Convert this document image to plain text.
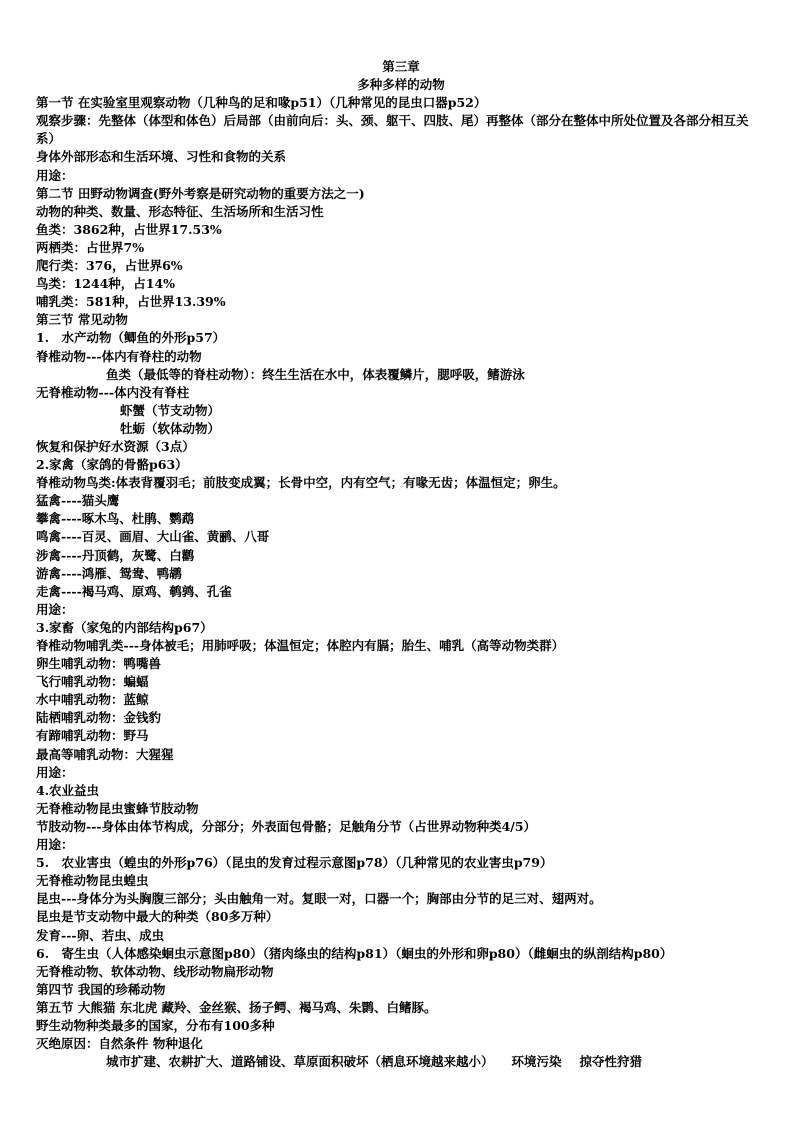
第三章
多种多样的动物
第一节 在实验室里观察动物（几种鸟的足和喙p51）（几种常见的昆虫口器p52）
观察步骤：先整体（体型和体色）后局部（由前向后：头、颈、躯干、四肢、尾）再整体（部分在整体中所处位置及各部分相互关系）
身体外部形态和生活环境、习性和食物的关系
用途：
第二节 田野动物调查(野外考察是研究动物的重要方法之一)
动物的种类、数量、形态特征、生活场所和生活习性
鱼类：3862种，占世界17.53%
两栖类：占世界7%
爬行类：376，占世界6%
鸟类：1244种，占14%
哺乳类：581种，占世界13.39%
第三节 常见动物
1.　水产动物（鲫鱼的外形p57）
脊椎动物---体内有脊柱的动物
鱼类（最低等的脊柱动物）：终生生活在水中，体表覆鳞片，腮呼吸，鳍游泳
无脊椎动物---体内没有脊柱
虾蟹（节支动物）
牡蛎（软体动物）
恢复和保护好水资源（3点）
2.家禽（家鸽的骨骼p63）
脊椎动物鸟类:体表背覆羽毛；前肢变成翼；长骨中空，内有空气；有喙无齿；体温恒定；卵生。
猛禽----猫头鹰
攀禽----啄木鸟、杜鹃、鹦鹉
鸣禽----百灵、画眉、大山雀、黄鹂、八哥
涉禽----丹顶鹤，灰鹭、白鹳
游禽----鸿雁、鸳鸯、鸭鹕
走禽----褐马鸡、原鸡、鹌鹑、孔雀
用途：
3.家畜（家兔的内部结构p67）
脊椎动物哺乳类---身体被毛；用肺呼吸；体温恒定；体腔内有膈；胎生、哺乳（高等动物类群）
卵生哺乳动物：鸭嘴兽
飞行哺乳动物：蝙蝠
水中哺乳动物：蓝鲸
陆栖哺乳动物：金钱豹
有蹄哺乳动物：野马
最高等哺乳动物：大猩猩
用途：
4.农业益虫
无脊椎动物昆虫蜜蜂节肢动物
节肢动物---身体由体节构成，分部分；外表面包骨骼；足触角分节（占世界动物种类4/5）
用途：
5.　农业害虫（蝗虫的外形p76）（昆虫的发育过程示意图p78）（几种常见的农业害虫p79）
无脊椎动物昆虫蝗虫
昆虫---身体分为头胸腹三部分；头由触角一对。复眼一对，口器一个；胸部由分节的足三对、翅两对。
昆虫是节支动物中最大的种类（80多万种）
发育---卵、若虫、成虫
6.　寄生虫（人体感染蛔虫示意图p80）（猪肉绦虫的结构p81）（蛔虫的外形和卵p80）（雌蛔虫的纵剖结构p80）
无脊椎动物、软体动物、线形动物扁形动物
第四节 我国的珍稀动物
第五节 大熊猫 东北虎 藏羚、金丝猴、扬子鳄、褐马鸡、朱鹮、白鳍豚。
野生动物种类最多的国家，分布有100多种
灭绝原因：自然条件 物种退化
城市扩建、农耕扩大、道路铺设、草原面积破坏（栖息环境越来越小） 环境污染 掠夺性狩猎
